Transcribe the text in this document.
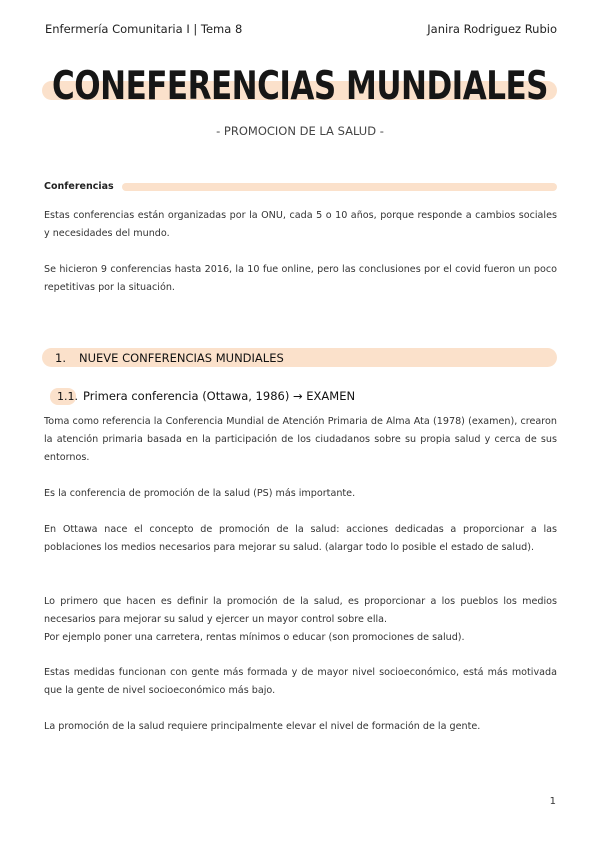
Enfermería Comunitaria I | Tema 8	Janira Rodriguez Rubio
CONEFERENCIAS MUNDIALES
- PROMOCION DE LA SALUD -
Conferencias
Estas conferencias están organizadas por la ONU, cada 5 o 10 años, porque responde a cambios sociales y necesidades del mundo.
Se hicieron 9 conferencias hasta 2016, la 10 fue online, pero las conclusiones por el covid fueron un poco repetitivas por la situación.
1. NUEVE CONFERENCIAS MUNDIALES
1.1. Primera conferencia (Ottawa, 1986) → EXAMEN
Toma como referencia la Conferencia Mundial de Atención Primaria de Alma Ata (1978) (examen), crearon la atención primaria basada en la participación de los ciudadanos sobre su propia salud y cerca de sus entornos.
Es la conferencia de promoción de la salud (PS) más importante.
En Ottawa nace el concepto de promoción de la salud: acciones dedicadas a proporcionar a las poblaciones los medios necesarios para mejorar su salud. (alargar todo lo posible el estado de salud).
Lo primero que hacen es definir la promoción de la salud, es proporcionar a los pueblos los medios necesarios para mejorar su salud y ejercer un mayor control sobre ella.
Por ejemplo poner una carretera, rentas mínimos o educar (son promociones de salud).
Estas medidas funcionan con gente más formada y de mayor nivel socioeconómico, está más motivada que la gente de nivel socioeconómico más bajo.
La promoción de la salud requiere principalmente elevar el nivel de formación de la gente.
1
